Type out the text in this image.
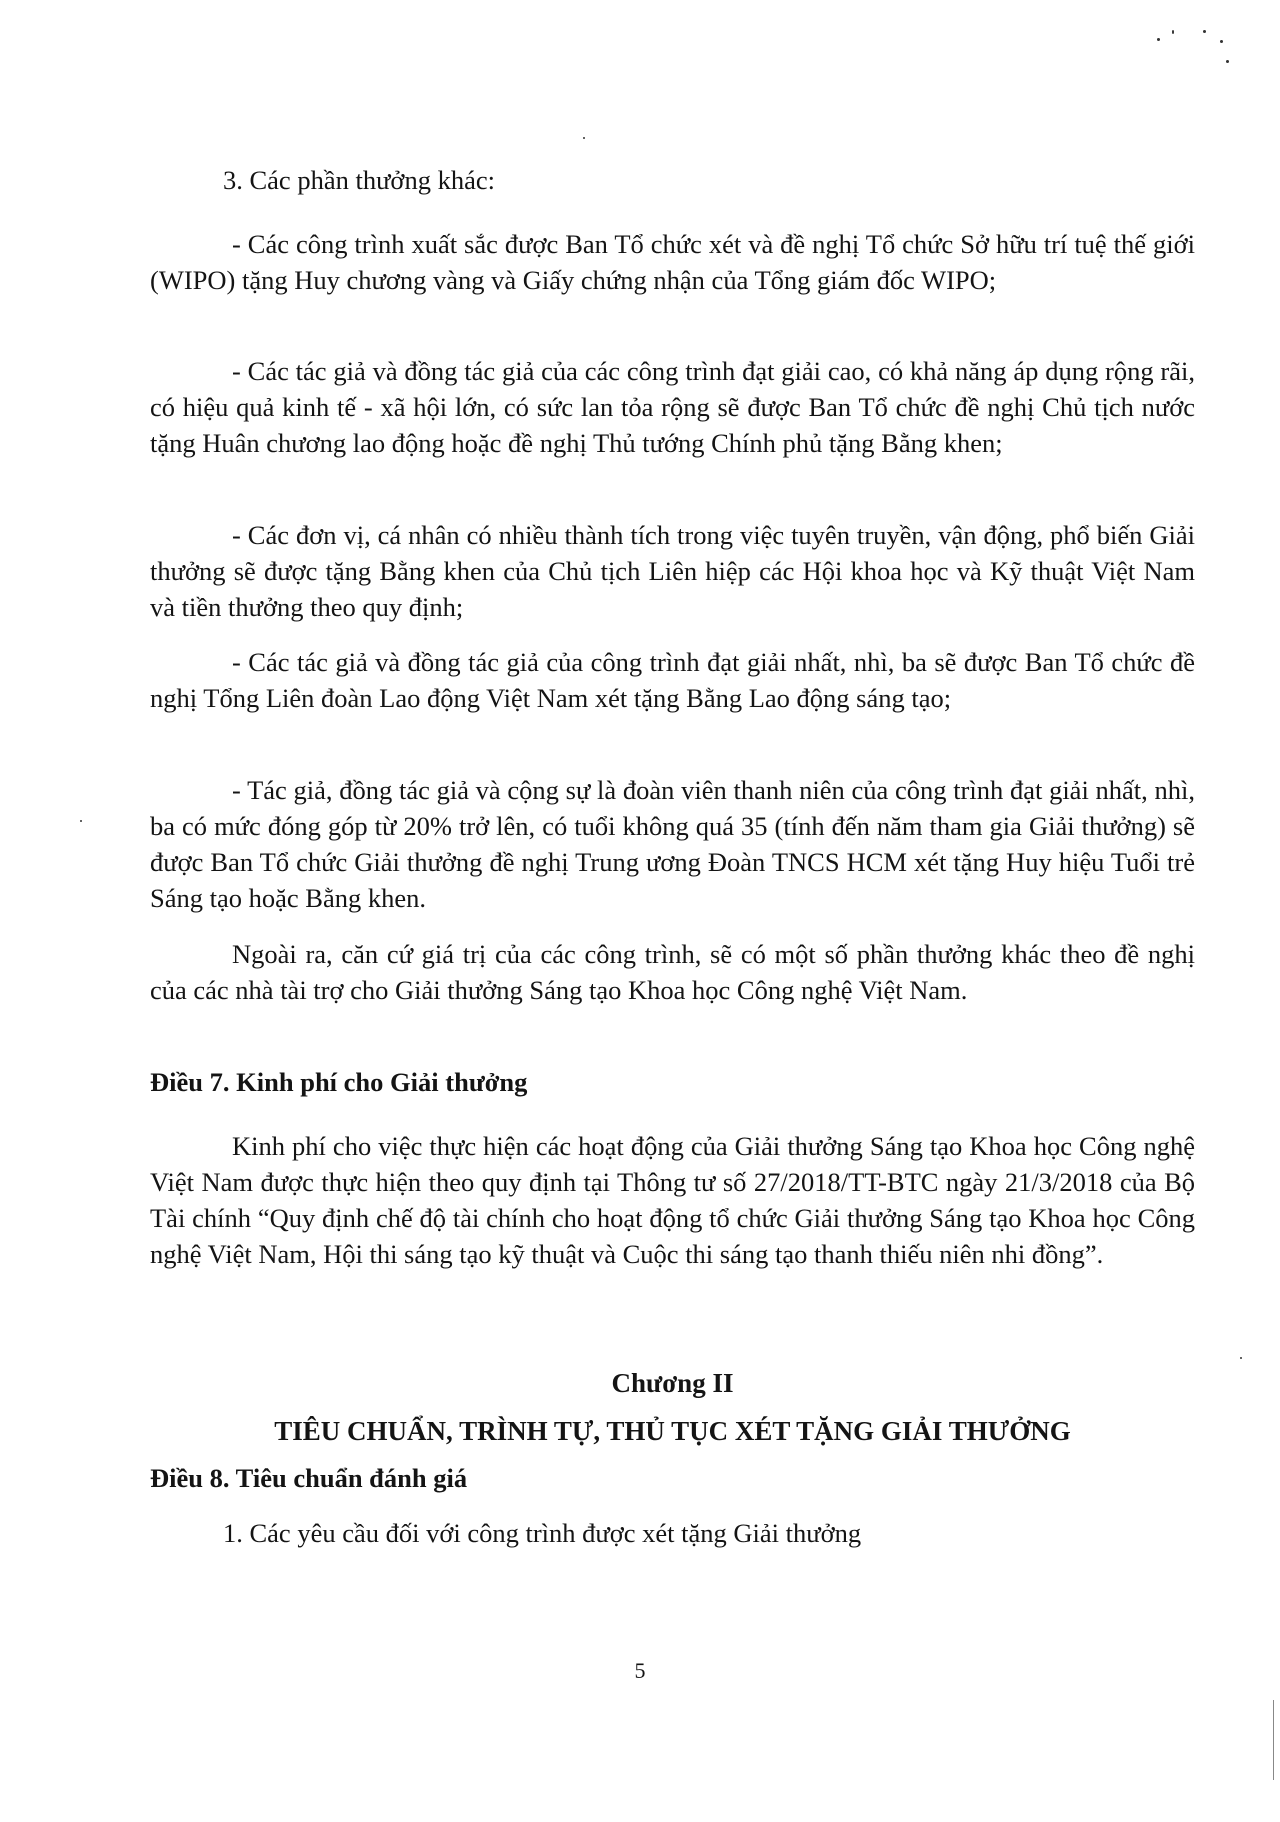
3. Các phần thưởng khác:
- Các công trình xuất sắc được Ban Tổ chức xét và đề nghị Tổ chức Sở hữu trí tuệ thế giới (WIPO) tặng Huy chương vàng và Giấy chứng nhận của Tổng giám đốc WIPO;
- Các tác giả và đồng tác giả của các công trình đạt giải cao, có khả năng áp dụng rộng rãi, có hiệu quả kinh tế - xã hội lớn, có sức lan tỏa rộng sẽ được Ban Tổ chức đề nghị Chủ tịch nước tặng Huân chương lao động hoặc đề nghị Thủ tướng Chính phủ tặng Bằng khen;
- Các đơn vị, cá nhân có nhiều thành tích trong việc tuyên truyền, vận động, phổ biến Giải thưởng sẽ được tặng Bằng khen của Chủ tịch Liên hiệp các Hội khoa học và Kỹ thuật Việt Nam và tiền thưởng theo quy định;
- Các tác giả và đồng tác giả của công trình đạt giải nhất, nhì, ba sẽ được Ban Tổ chức đề nghị Tổng Liên đoàn Lao động Việt Nam xét tặng Bằng Lao động sáng tạo;
- Tác giả, đồng tác giả và cộng sự là đoàn viên thanh niên của công trình đạt giải nhất, nhì, ba có mức đóng góp từ 20% trở lên, có tuổi không quá 35 (tính đến năm tham gia Giải thưởng) sẽ được Ban Tổ chức Giải thưởng đề nghị Trung ương Đoàn TNCS HCM xét tặng Huy hiệu Tuổi trẻ Sáng tạo hoặc Bằng khen.
Ngoài ra, căn cứ giá trị của các công trình, sẽ có một số phần thưởng khác theo đề nghị của các nhà tài trợ cho Giải thưởng Sáng tạo Khoa học Công nghệ Việt Nam.
Điều 7. Kinh phí cho Giải thưởng
Kinh phí cho việc thực hiện các hoạt động của Giải thưởng Sáng tạo Khoa học Công nghệ Việt Nam được thực hiện theo quy định tại Thông tư số 27/2018/TT-BTC ngày 21/3/2018 của Bộ Tài chính “Quy định chế độ tài chính cho hoạt động tổ chức Giải thưởng Sáng tạo Khoa học Công nghệ Việt Nam, Hội thi sáng tạo kỹ thuật và Cuộc thi sáng tạo thanh thiếu niên nhi đồng”.
Chương II
TIÊU CHUẨN, TRÌNH TỰ, THỦ TỤC XÉT TẶNG GIẢI THƯỞNG
Điều 8. Tiêu chuẩn đánh giá
1. Các yêu cầu đối với công trình được xét tặng Giải thưởng
5
